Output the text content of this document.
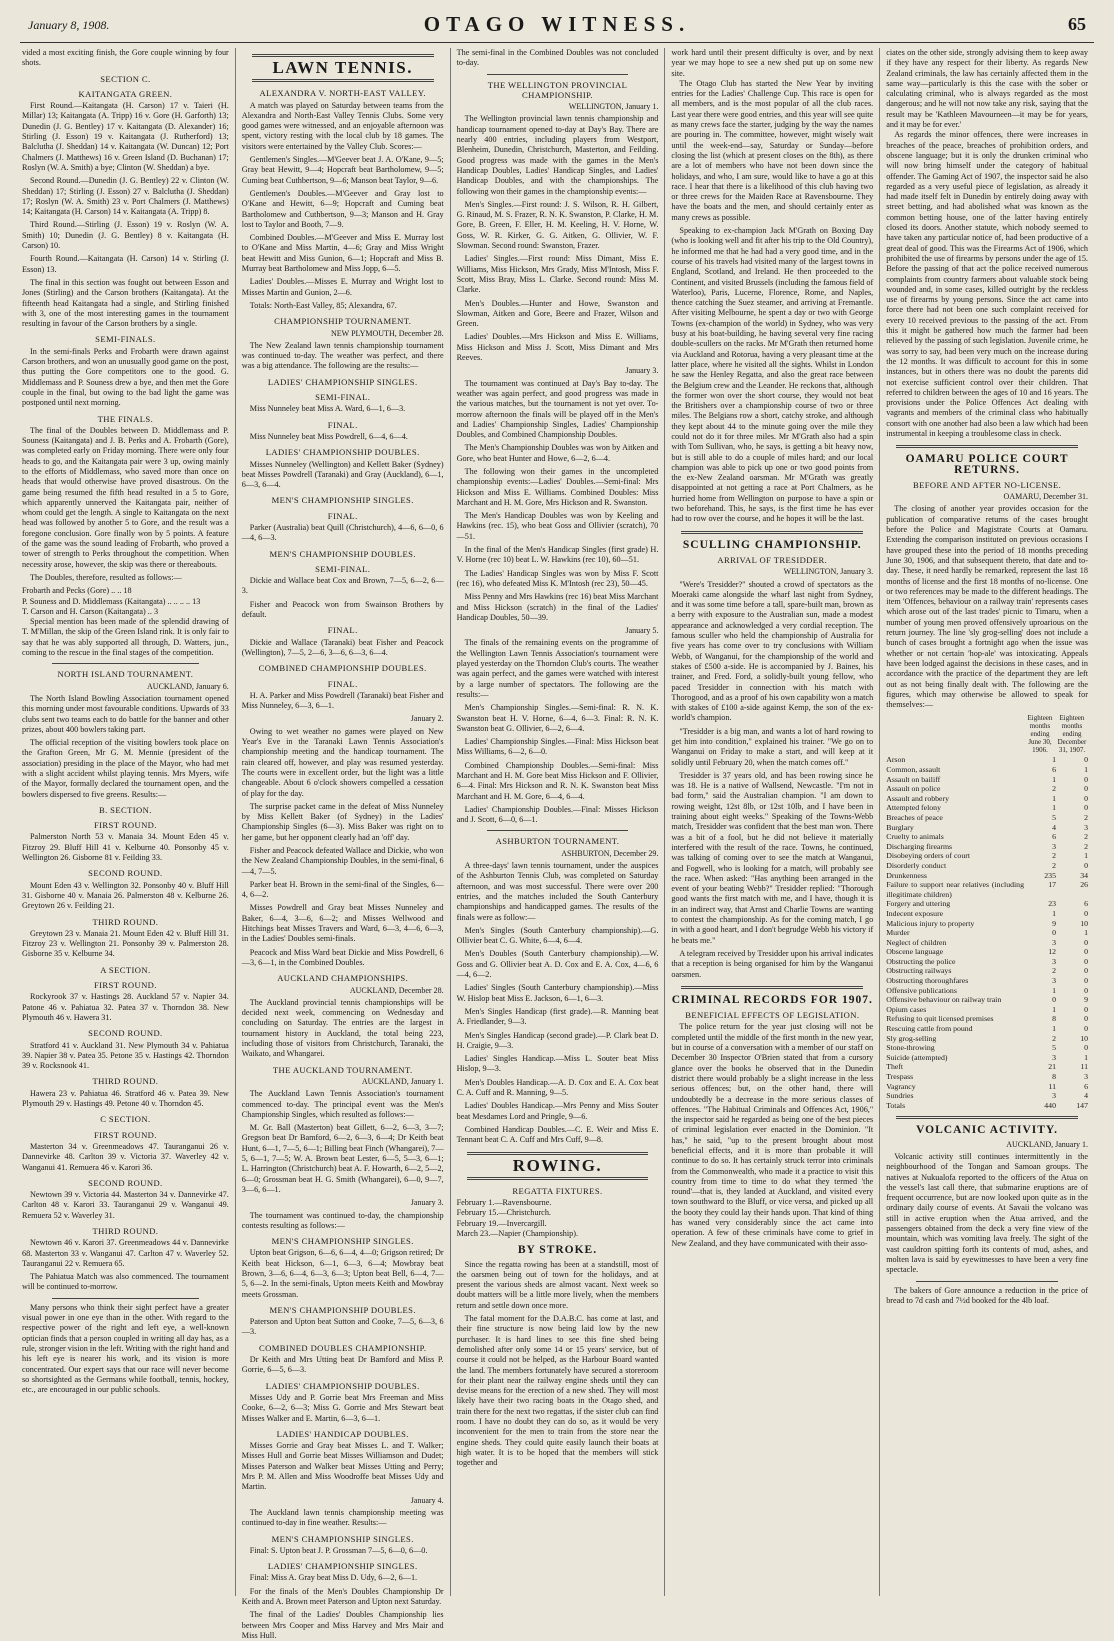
January 8, 1908.	OTAGO WITNESS.	65

vided a most exciting finish, the Gore couple winning by four shots.

SECTION C.
KAITANGATA GREEN.

First Round.—Kaitangata (H. Carson) 17 v. Taieri (H. Millar) 13; Kaitangata (A. Tripp) 16 v. Gore (H. Garforth) 13; Dunedin (J. G. Bentley) 17 v. Kaitangata (D. Alexander) 16; Stirling (J. Esson) 19 v. Kaitangata (J. Rutherford) 13; Balclutha (J. Sheddan) 14 v. Kaitangata (W. Duncan) 12; Port Chalmers (J. Matthews) 16 v. Green Island (D. Buchanan) 17; Roslyn (W. A. Smith) a bye; Clinton (W. Sheddan) a bye.

Second Round.—Dunedin (J. G. Bentley) 22 v. Clinton (W. Sheddan) 17; Stirling (J. Esson) 27 v. Balclutha (J. Sheddan) 17; Roslyn (W. A. Smith) 23 v. Port Chalmers (J. Matthews) 14; Kaitangata (H. Carson) 14 v. Kaitangata (A. Tripp) 8.

Third Round.—Stirling (J. Esson) 19 v. Roslyn (W. A. Smith) 10; Dunedin (J. G. Bentley) 8 v. Kaitangata (H. Carson) 10.

Fourth Round.—Kaitangata (H. Carson) 14 v. Stirling (J. Esson) 13.

The final in this section was fought out between Esson and Jones (Stirling) and the Carson brothers (Kaitangata). At the fifteenth head Kaitangata had a single, and Stirling finished with 3, one of the most interesting games in the tournament resulting in favour of the Carson brothers by a single.

SEMI-FINALS.

In the semi-finals Perks and Frobarth were drawn against Carson brothers, and won an unusually good game on the post, thus putting the Gore competitors one to the good. G. Middlemass and P. Souness drew a bye, and then met the Gore couple in the final, but owing to the bad light the game was postponed until next morning.

THE FINALS.

The final of the Doubles between D. Middlemass and P. Souness (Kaitangata) and J. B. Perks and A. Frobarth (Gore), was completed early on Friday morning. There were only four heads to go, and the Kaitangata pair were 3 up, owing mainly to the efforts of Middlemass, who saved more than once on heads that would otherwise have proved disastrous. On the game being resumed the fifth head resulted in a 5 to Gore, which apparently unnerved the Kaitangata pair, neither of whom could get the length. A single to Kaitangata on the next head was followed by another 5 to Gore, and the result was a foregone conclusion. Gore finally won by 5 points. A feature of the game was the sound leading of Frobarth, who proved a tower of strength to Perks throughout the competition. When necessity arose, however, the skip was there or thereabouts.

The Doubles, therefore, resulted as follows:—

Frobarth and Pecks (Gore) .. .. 18

P. Souness and D. Middlemass (Kaitangata) .. .. .. .. 13

T. Carson and H. Carson (Kaitangata) .. 3

Special mention has been made of the splendid drawing of T. M'Millan, the skip of the Green Island rink. It is only fair to say that he was ably supported all through, D. Watters, jun., coming to the rescue in the final stages of the competition.

NORTH ISLAND TOURNAMENT.
AUCKLAND, January 6.

The North Island Bowling Association tournament opened this morning under most favourable conditions. Upwards of 33 clubs sent two teams each to do battle for the banner and other prizes, about 400 bowlers taking part.

The official reception of the visiting bowlers took place on the Grafton Green, Mr G. M. Mennie (president of the association) presiding in the place of the Mayor, who had met with a slight accident whilst playing tennis. Mrs Myers, wife of the Mayor, formally declared the tournament open, and the bowlers dispersed to five greens. Results:—

B. SECTION.
FIRST ROUND.

Palmerston North 53 v. Manaia 34. Mount Eden 45 v. Fitzroy 29. Bluff Hill 41 v. Kelburne 40. Ponsonby 45 v. Wellington 26. Gisborne 81 v. Feilding 33.

SECOND ROUND.

Mount Eden 43 v. Wellington 32. Ponsonby 40 v. Bluff Hill 31. Gisborne 40 v. Manaia 26. Palmerston 48 v. Kelburne 26. Greytown 26 v. Feilding 21.

THIRD ROUND.

Greytown 23 v. Manaia 21. Mount Eden 42 v. Bluff Hill 31. Fitzroy 23 v. Wellington 21. Ponsonby 39 v. Palmerston 28. Gisborne 35 v. Kelburne 34.

A SECTION.
FIRST ROUND.

Rockyrook 37 v. Hastings 28. Auckland 57 v. Napier 34. Patone 46 v. Pahiatua 32. Patea 37 v. Thorndon 38. New Plymouth 46 v. Hawera 31.

SECOND ROUND.

Stratford 41 v. Auckland 31. New Plymouth 34 v. Pahiatua 39. Napier 38 v. Patea 35. Petone 35 v. Hastings 42. Thorndon 39 v. Rocksnook 41.

THIRD ROUND.

Hawera 23 v. Pahiatua 46. Stratford 46 v. Patea 39. New Plymouth 29 v. Hastings 49. Petone 40 v. Thorndon 45.

C SECTION.
FIRST ROUND.

Masterton 34 v. Greenmeadows 47. Tauranganui 26 v. Dannevirke 48. Carlton 39 v. Victoria 37. Waverley 42 v. Wanganui 41. Remuera 46 v. Karori 36.

SECOND ROUND.

Newtown 39 v. Victoria 44. Masterton 34 v. Dannevirke 47. Carlton 48 v. Karori 33. Tauranganui 29 v. Wanganui 49. Remuera 52 v. Waverley 31.

THIRD ROUND.

Newtown 46 v. Karori 37. Greenmeadows 44 v. Dannevirke 68. Masterton 33 v. Wanganui 47. Carlton 47 v. Waverley 52. Tauranganui 22 v. Remuera 65.

The Pahiatua Match was also commenced. The tournament will be continued to-morrow.

Many persons who think their sight perfect have a greater visual power in one eye than in the other. With regard to the respective power of the right and left eye, a well-known optician finds that a person coupled in writing all day has, as a rule, stronger vision in the left. Writing with the right hand and his left eye is nearer his work, and its vision is more concentrated. Our expert says that our race will never become so shortsighted as the Germans while football, tennis, hockey, etc., are encouraged in our public schools.

LAWN TENNIS.
ALEXANDRA V. NORTH-EAST VALLEY.

A match was played on Saturday between teams from the Alexandra and North-East Valley Tennis Clubs. Some very good games were witnessed, and an enjoyable afternoon was spent, victory resting with the local club by 18 games. The visitors were entertained by the Valley Club. Scores:—

Gentlemen's Singles.—M'Geever beat J. A. O'Kane, 9—5; Gray beat Hewitt, 9—4; Hopcraft beat Bartholomew, 9—5; Cuming beat Cuthbertson, 9—6; Manson beat Taylor, 9—6.

Gentlemen's Doubles.—M'Geever and Gray lost to O'Kane and Hewitt, 6—9; Hopcraft and Cuming beat Bartholomew and Cuthbertson, 9—3; Manson and H. Gray lost to Taylor and Booth, 7—9.

Combined Doubles.—M'Geever and Miss E. Murray lost to O'Kane and Miss Martin, 4—6; Gray and Miss Wright beat Hewitt and Miss Gunion, 6—1; Hopcraft and Miss B. Murray beat Bartholomew and Miss Jopp, 6—5.

Ladies' Doubles.—Misses E. Murray and Wright lost to Misses Martin and Gunion, 2—6.

Totals: North-East Valley, 85; Alexandra, 67.

CHAMPIONSHIP TOURNAMENT.
NEW PLYMOUTH, December 28.

The New Zealand lawn tennis championship tournament was continued to-day. The weather was perfect, and there was a big attendance. The following are the results:—

LADIES' CHAMPIONSHIP SINGLES.
SEMI-FINAL.

Miss Nunneley beat Miss A. Ward, 6—1, 6—3.

FINAL.

Miss Nunneley beat Miss Powdrell, 6—4, 6—4.

LADIES' CHAMPIONSHIP DOUBLES.

Misses Nunneley (Wellington) and Kellett Baker (Sydney) beat Misses Powdrell (Taranaki) and Gray (Auckland), 6—1, 6—3, 6—4.

MEN'S CHAMPIONSHIP SINGLES.
FINAL.

Parker (Australia) beat Quill (Christchurch), 4—6, 6—0, 6—4, 6—3.

MEN'S CHAMPIONSHIP DOUBLES.
SEMI-FINAL.

Dickie and Wallace beat Cox and Brown, 7—5, 6—2, 6—3.

Fisher and Peacock won from Swainson Brothers by default.

FINAL.

Dickie and Wallace (Taranaki) beat Fisher and Peacock (Wellington), 7—5, 2—6, 3—6, 6—3, 6—4.

COMBINED CHAMPIONSHIP DOUBLES.
FINAL.

H. A. Parker and Miss Powdrell (Taranaki) beat Fisher and Miss Nunneley, 6—3, 6—1.

January 2.

Owing to wet weather no games were played on New Year's Eve in the Taranaki Lawn Tennis Association's championship meeting and the handicap tournament. The rain cleared off, however, and play was resumed yesterday. The courts were in excellent order, but the light was a little changeable. About 6 o'clock showers compelled a cessation of play for the day.

The surprise packet came in the defeat of Miss Nunneley by Miss Kellett Baker (of Sydney) in the Ladies' Championship Singles (6—3). Miss Baker was right on to her game, but her opponent clearly had an 'off' day.

Fisher and Peacock defeated Wallace and Dickie, who won the New Zealand Championship Doubles, in the semi-final, 6—4, 7—5.

Parker beat H. Brown in the semi-final of the Singles, 6—4, 6—2.

Misses Powdrell and Gray beat Misses Nunneley and Baker, 6—4, 3—6, 6—2; and Misses Wellwood and Hitchings beat Misses Travers and Ward, 6—3, 4—6, 6—3, in the Ladies' Doubles semi-finals.

Peacock and Miss Ward beat Dickie and Miss Powdrell, 6—3, 6—1, in the Combined Doubles.

AUCKLAND CHAMPIONSHIPS.
AUCKLAND, December 28.

The Auckland provincial tennis championships will be decided next week, commencing on Wednesday and concluding on Saturday. The entries are the largest in tournament history in Auckland, the total being 223, including those of visitors from Christchurch, Taranaki, the Waikato, and Whangarei.

THE AUCKLAND TOURNAMENT.
AUCKLAND, January 1.

The Auckland Lawn Tennis Association's tournament commenced to-day. The principal event was the Men's Championship Singles, which resulted as follows:—

M. Gr. Ball (Masterton) beat Gillett, 6—2, 6—3, 3—7; Gregson beat Dr Bamford, 6—2, 6—3, 6—4; Dr Keith beat Hunt, 6—1, 7—5, 6—1; Billing beat Finch (Whangarei), 7—5, 6—1, 7—5; W. A. Brown beat Lester, 6—5, 5—3, 6—1; L. Harrington (Christchurch) beat A. F. Howarth, 6—2, 5—2, 6—0; Grossman beat H. G. Smith (Whangarei), 6—0, 9—7, 3—6, 6—1.

January 3.

The tournament was continued to-day, the championship contests resulting as follows:—

MEN'S CHAMPIONSHIP SINGLES.

Upton beat Grigson, 6—6, 6—4, 4—0; Grigson retired; Dr Keith beat Hickson, 6—1, 6—3, 6—4; Mowbray beat Brown, 3—6, 6—4, 6—3, 6—3; Upton beat Bell, 6—4, 7—5, 6—2. In the semi-finals, Upton meets Keith and Mowbray meets Grossman.

MEN'S CHAMPIONSHIP DOUBLES.

Paterson and Upton beat Sutton and Cooke, 7—5, 6—3, 6—3.

COMBINED DOUBLES CHAMPIONSHIP.

Dr Keith and Mrs Utting beat Dr Bamford and Miss P. Gorrie, 6—5, 6—3.

LADIES' CHAMPIONSHIP DOUBLES.

Misses Udy and P. Gorrie beat Mrs Freeman and Miss Cooke, 6—2, 6—3; Miss G. Gorrie and Mrs Stewart beat Misses Walker and E. Martin, 6—3, 6—1.

LADIES' HANDICAP DOUBLES.

Misses Gorrie and Gray beat Misses L. and T. Walker; Misses Hull and Gorrie beat Misses Williamson and Dudet; Misses Paterson and Walker beat Misses Utting and Perry; Mrs P. M. Allen and Miss Woodroffe beat Misses Udy and Martin.

January 4.

The Auckland lawn tennis championship meeting was continued to-day in fine weather. Results:—

MEN'S CHAMPIONSHIP SINGLES.

Final: S. Upton beat J. P. Grossman 7—5, 6—0, 6—0.

LADIES' CHAMPIONSHIP SINGLES.

Final: Miss A. Gray beat Miss D. Udy, 6—2, 6—1.

For the finals of the Men's Doubles Championship Dr Keith and A. Brown meet Paterson and Upton next Saturday.

The final of the Ladies' Doubles Championship lies between Mrs Cooper and Miss Harvey and Mrs Mair and Miss Hull.

The semi-final in the Combined Doubles was not concluded to-day.

THE WELLINGTON PROVINCIAL CHAMPIONSHIP.
WELLINGTON, January 1.

The Wellington provincial lawn tennis championship and handicap tournament opened to-day at Day's Bay. There are nearly 400 entries, including players from Westport, Blenheim, Dunedin, Christchurch, Masterton, and Feilding. Good progress was made with the games in the Men's Handicap Doubles, Ladies' Handicap Singles, and Ladies' Handicap Doubles, and with the championships. The following won their games in the championship events:—

Men's Singles.—First round: J. S. Wilson, R. H. Gilbert, G. Rinaud, M. S. Frazer, R. N. K. Swanston, P. Clarke, H. M. Gore, B. Green, F. Eller, H. M. Keeling, H. V. Horne, W. Goss, W. R. Kirker, G. G. Aitken, G. Ollivier, W. F. Slowman. Second round: Swanston, Frazer.

Ladies' Singles.—First round: Miss Dimant, Miss E. Williams, Miss Hickson, Mrs Grady, Miss M'Intosh, Miss F. Scott, Miss Bray, Miss L. Clarke. Second round: Miss M. Clarke.

Men's Doubles.—Hunter and Howe, Swanston and Slowman, Aitken and Gore, Beere and Frazer, Wilson and Green.

Ladies' Doubles.—Mrs Hickson and Miss E. Williams, Miss Hickson and Miss J. Scott, Miss Dimant and Mrs Reeves.

January 3.

The tournament was continued at Day's Bay to-day. The weather was again perfect, and good progress was made in the various matches, but the tournament is not yet over. To-morrow afternoon the finals will be played off in the Men's and Ladies' Championship Singles, Ladies' Championship Doubles, and Combined Championship Doubles.

The Men's Championship Doubles was won by Aitken and Gore, who beat Hunter and Howe, 6—2, 6—4.

The following won their games in the uncompleted championship events:—Ladies' Doubles.—Semi-final: Mrs Hickson and Miss E. Williams. Combined Doubles: Miss Marchant and H. M. Gore, Mrs Hickson and R. Swanston.

The Men's Handicap Doubles was won by Keeling and Hawkins (rec. 15), who beat Goss and Ollivier (scratch), 70—51.

In the final of the Men's Handicap Singles (first grade) H. V. Horne (rec 10) beat L. W. Hawkins (rec 10), 60—51.

The Ladies' Handicap Singles was won by Miss F. Scott (rec 16), who defeated Miss K. M'Intosh (rec 23), 50—45.

Miss Penny and Mrs Hawkins (rec 16) beat Miss Marchant and Miss Hickson (scratch) in the final of the Ladies' Handicap Doubles, 50—39.

January 5.

The finals of the remaining events on the programme of the Wellington Lawn Tennis Association's tournament were played yesterday on the Thorndon Club's courts. The weather was again perfect, and the games were watched with interest by a large number of spectators. The following are the results:—

Men's Championship Singles.—Semi-final: R. N. K. Swanston beat H. V. Horne, 6—4, 6—3. Final: R. N. K. Swanston beat G. Ollivier, 6—2, 6—4.

Ladies' Championship Singles.—Final: Miss Hickson beat Miss Williams, 6—2, 6—0.

Combined Championship Doubles.—Semi-final: Miss Marchant and H. M. Gore beat Miss Hickson and F. Ollivier, 6—4. Final: Mrs Hickson and R. N. K. Swanston beat Miss Marchant and H. M. Gore, 6—4, 6—4.

Ladies' Championship Doubles.—Final: Misses Hickson and J. Scott, 6—0, 6—1.

ASHBURTON TOURNAMENT.
ASHBURTON, December 29.

A three-days' lawn tennis tournament, under the auspices of the Ashburton Tennis Club, was completed on Saturday afternoon, and was most successful. There were over 200 entries, and the matches included the South Canterbury championships and handicapped games. The results of the finals were as follow:—

Men's Singles (South Canterbury championship).—G. Ollivier beat C. G. White, 6—4, 6—4.

Men's Doubles (South Canterbury championship).—W. Goss and G. Ollivier beat A. D. Cox and E. A. Cox, 4—6, 6—4, 6—2.

Ladies' Singles (South Canterbury championship).—Miss W. Hislop beat Miss E. Jackson, 6—1, 6—3.

Men's Singles Handicap (first grade).—R. Manning beat A. Friedlander, 9—3.

Men's Singles Handicap (second grade).—P. Clark beat D. H. Craigie, 9—3.

Ladies' Singles Handicap.—Miss L. Souter beat Miss Hislop, 9—3.

Men's Doubles Handicap.—A. D. Cox and E. A. Cox beat C. A. Cuff and R. Manning, 9—5.

Ladies' Doubles Handicap.—Mrs Penny and Miss Souter beat Mesdames Lord and Pringle, 9—6.

Combined Handicap Doubles.—C. E. Weir and Miss E. Tennant beat C. A. Cuff and Mrs Cuff, 9—8.

ROWING.
REGATTA FIXTURES.

February 1.—Ravensbourne.

February 15.—Christchurch.

February 19.—Invercargill.

March 23.—Napier (Championship).

BY STROKE.

Since the regatta rowing has been at a standstill, most of the oarsmen being out of town for the holidays, and at present the various sheds are almost vacant. Next week so doubt matters will be a little more lively, when the members return and settle down once more.

The fatal moment for the D.A.B.C. has come at last, and their fine structure is now being laid low by the new purchaser. It is hard lines to see this fine shed being demolished after only some 14 or 15 years' service, but of course it could not be helped, as the Harbour Board wanted the land. The members fortunately have secured a storeroom for their plant near the railway engine sheds until they can devise means for the erection of a new shed. They will most likely have their two racing boats in the Otago shed, and train there for the next two regattas, if the sister club can find room. I have no doubt they can do so, as it would be very inconvenient for the men to train from the store near the engine sheds. They could quite easily launch their boats at high water. It is to be hoped that the members will stick together and

work hard until their present difficulty is over, and by next year we may hope to see a new shed put up on some new site.

The Otago Club has started the New Year by inviting entries for the Ladies' Challenge Cup. This race is open for all members, and is the most popular of all the club races. Last year there were good entries, and this year will see quite as many crews face the starter, judging by the way the names are pouring in. The committee, however, might wisely wait until the week-end—say, Saturday or Sunday—before closing the list (which at present closes on the 8th), as there are a lot of members who have not been down since the holidays, and who, I am sure, would like to have a go at this race. I hear that there is a likelihood of this club having two or three crews for the Maiden Race at Ravensbourne. They have the boats and the men, and should certainly enter as many crews as possible.

Speaking to ex-champion Jack M'Grath on Boxing Day (who is looking well and fit after his trip to the Old Country), he informed me that he had had a very good time, and in the course of his travels had visited many of the largest towns in England, Scotland, and Ireland. He then proceeded to the Continent, and visited Brussels (including the famous field of Waterloo), Paris, Lucerne, Florence, Rome, and Naples, thence catching the Suez steamer, and arriving at Fremantle. After visiting Melbourne, he spent a day or two with George Towns (ex-champion of the world) in Sydney, who was very busy at his boat-building, he having several very fine racing double-scullers on the racks. Mr M'Grath then returned home via Auckland and Rotorua, having a very pleasant time at the latter place, where he visited all the sights. Whilst in London he saw the Henley Regatta, and also the great race between the Belgium crew and the Leander. He reckons that, although the former won over the short course, they would not beat the Britishers over a championship course of two or three miles. The Belgians row a short, catchy stroke, and although they kept about 44 to the minute going over the mile they could not do it for three miles. Mr M'Grath also had a spin with Tom Sullivan, who, he says, is getting a bit heavy now, but is still able to do a couple of miles hard; and our local champion was able to pick up one or two good points from the ex-New Zealand oarsman. Mr M'Grath was greatly disappointed at not getting a race at Port Chalmers, as he hurried home from Wellington on purpose to have a spin or two beforehand. This, he says, is the first time he has ever had to row over the course, and he hopes it will be the last.

SCULLING CHAMPIONSHIP.
ARRIVAL OF TRESIDDER.
WELLINGTON, January 3.

"Were's Tresidder?" shouted a crowd of spectators as the Moeraki came alongside the wharf last night from Sydney, and it was some time before a tall, spare-built man, brown as a berry with exposure to the Australian sun, made a modest appearance and acknowledged a very cordial reception. The famous sculler who held the championship of Australia for five years has come over to try conclusions with William Webb, of Wanganui, for the championship of the world and stakes of £500 a-side. He is accompanied by J. Baines, his trainer, and Fred. Ford, a solidly-built young fellow, who paced Tresidder in connection with his match with Thorogood, and as a proof of his own capability won a match with stakes of £100 a-side against Kemp, the son of the ex-world's champion.

"Tresidder is a big man, and wants a lot of hard rowing to get him into condition," explained his trainer. "We go on to Wanganui on Friday to make a start, and will keep at it solidly until February 20, when the match comes off."

Tresidder is 37 years old, and has been rowing since he was 18. He is a native of Wallsend, Newcastle. "I'm not in bad form," said the Australian champion. "I am down to rowing weight, 12st 8lb, or 12st 10lb, and I have been in training about eight weeks." Speaking of the Towns-Webb match, Tresidder was confident that the best man won. There was a bit of a fool, but he did not believe it materially interfered with the result of the race. Towns, he continued, was talking of coming over to see the match at Wanganui, and Fogwell, who is looking for a match, will probably see the race. When asked: "Has anything been arranged in the event of your beating Webb?" Tresidder replied: "Thorough good wants the first match with me, and I have, though it is in an indirect way, that Arnst and Charlie Towns are wanting to contest the championship. As for the coming match, I go in with a good heart, and I don't begrudge Webb his victory if he beats me."

A telegram received by Tresidder upon his arrival indicates that a reception is being organised for him by the Wanganui oarsmen.

CRIMINAL RECORDS FOR 1907.
BENEFICIAL EFFECTS OF LEGISLATION.

The police return for the year just closing will not be completed until the middle of the first month in the new year, but in course of a conversation with a member of our staff on December 30 Inspector O'Brien stated that from a cursory glance over the books he observed that in the Dunedin district there would probably be a slight increase in the less serious offences; but, on the other hand, there will undoubtedly be a decrease in the more serious classes of offences. "The Habitual Criminals and Offences Act, 1906," the inspector said he regarded as being one of the best pieces of criminal legislation ever enacted in the Dominion. "It has," he said, "up to the present brought about most beneficial effects, and it is more than probable it will continue to do so. It has certainly struck terror into criminals from the Commonwealth, who made it a practice to visit this country from time to time to do what they termed 'the round'—that is, they landed at Auckland, and visited every town southward to the Bluff, or vice versa, and picked up all the booty they could lay their hands upon. That kind of thing has waned very considerably since the act came into operation. A few of these criminals have come to grief in New Zealand, and they have communicated with their asso-

ciates on the other side, strongly advising them to keep away if they have any respect for their liberty. As regards New Zealand criminals, the law has certainly affected them in the same way—particularly is this the case with the sober or calculating criminal, who is always regarded as the most dangerous; and he will not now take any risk, saying that the result may be 'Kathleen Mavourneen—it may be for years, and it may be for ever.'

As regards the minor offences, there were increases in breaches of the peace, breaches of prohibition orders, and obscene language; but it is only the drunken criminal who will now bring himself under the category of habitual offender. The Gaming Act of 1907, the inspector said he also regarded as a very useful piece of legislation, as already it had made itself felt in Dunedin by entirely doing away with street betting, and had abolished what was known as the common betting house, one of the latter having entirely closed its doors. Another statute, which nobody seemed to have taken any particular notice of, had been productive of a great deal of good. This was the Firearms Act of 1906, which prohibited the use of firearms by persons under the age of 15. Before the passing of that act the police received numerous complaints from country farmers about valuable stock being wounded and, in some cases, killed outright by the reckless use of firearms by young persons. Since the act came into force there had not been one such complaint received for every 10 received previous to the passing of the act. From this it might be gathered how much the farmer had been relieved by the passing of such legislation. Juvenile crime, he was sorry to say, had been very much on the increase during the 12 months. It was difficult to account for this in some instances, but in others there was no doubt the parents did not exercise sufficient control over their children. That referred to children between the ages of 10 and 16 years. The provisions under the Police Offences Act dealing with vagrants and members of the criminal class who habitually consort with one another had also been a law which had been instrumental in keeping a troublesome class in check.

OAMARU POLICE COURT RETURNS.
BEFORE AND AFTER NO-LICENSE.
OAMARU, December 31.

The closing of another year provides occasion for the publication of comparative returns of the cases brought before the Police and Magistrate Courts at Oamaru. Extending the comparison instituted on previous occasions I have grouped these into the period of 18 months preceding June 30, 1906, and that subsequent thereto, that date and to-day. These, it need hardly be remarked, represent the last 18 months of license and the first 18 months of no-license. One or two references may be made to the different headings. The item 'Offences, behaviour on a railway train' represents cases which arose out of the last trades' picnic to Timaru, when a number of young men proved offensively uproarious on the return journey. The line 'sly grog-selling' does not include a bunch of cases brought a fortnight ago when the issue was whether or not certain 'hop-ale' was intoxicating. Appeals have been lodged against the decisions in these cases, and in accordance with the practice of the department they are left out as not being finally dealt with. The following are the figures, which may otherwise be allowed to speak for themselves:—

	Eighteen months ending June 30, 1906.	Eighteen months ending December 31, 1907.
Arson	1	0
Common, assault	6	1
Assault on bailiff	1	0
Assault on police	2	0
Assault and robbery	1	0
Attempted felony	1	0
Breaches of peace	5	2
Burglary	4	3
Cruelty to animals	6	2
Discharging firearms	3	2
Disobeying orders of court	2	1
Disorderly conduct	2	0
Drunkenness	235	34
Failure to support near relatives (including illegitimate children)	17	26
Forgery and uttering	23	6
Indecent exposure	1	0
Malicious injury to property	9	10
Murder	0	1
Neglect of children	3	0
Obscene language	12	0
Obstructing the police	3	0
Obstructing railways	2	0
Obstructing thoroughfares	3	0
Offensive publications	1	0
Offensive behaviour on railway train	0	9
Opium cases	1	0
Refusing to quit licensed premises	8	0
Rescuing cattle from pound	1	0
Sly grog-selling	2	10
Stone-throwing	5	0
Suicide (attempted)	3	1
Theft	21	11
Trespass	8	3
Vagrancy	11	6
Sundries	3	4
Totals	440	147
VOLCANIC ACTIVITY.
AUCKLAND, January 1.

Volcanic activity still continues intermittently in the neighbourhood of the Tongan and Samoan groups. The natives at Nukualofa reported to the officers of the Atua on the vessel's last call there, that submarine eruptions are of frequent occurrence, but are now looked upon quite as in the ordinary daily course of events. At Savaii the volcano was still in active eruption when the Atua arrived, and the passengers obtained from the deck a very fine view of the mountain, which was vomiting lava freely. The sight of the vast cauldron spitting forth its contents of mud, ashes, and molten lava is said by eyewitnesses to have been a very fine spectacle.

The bakers of Gore announce a reduction in the price of bread to 7d cash and 7½d booked for the 4lb loaf.
